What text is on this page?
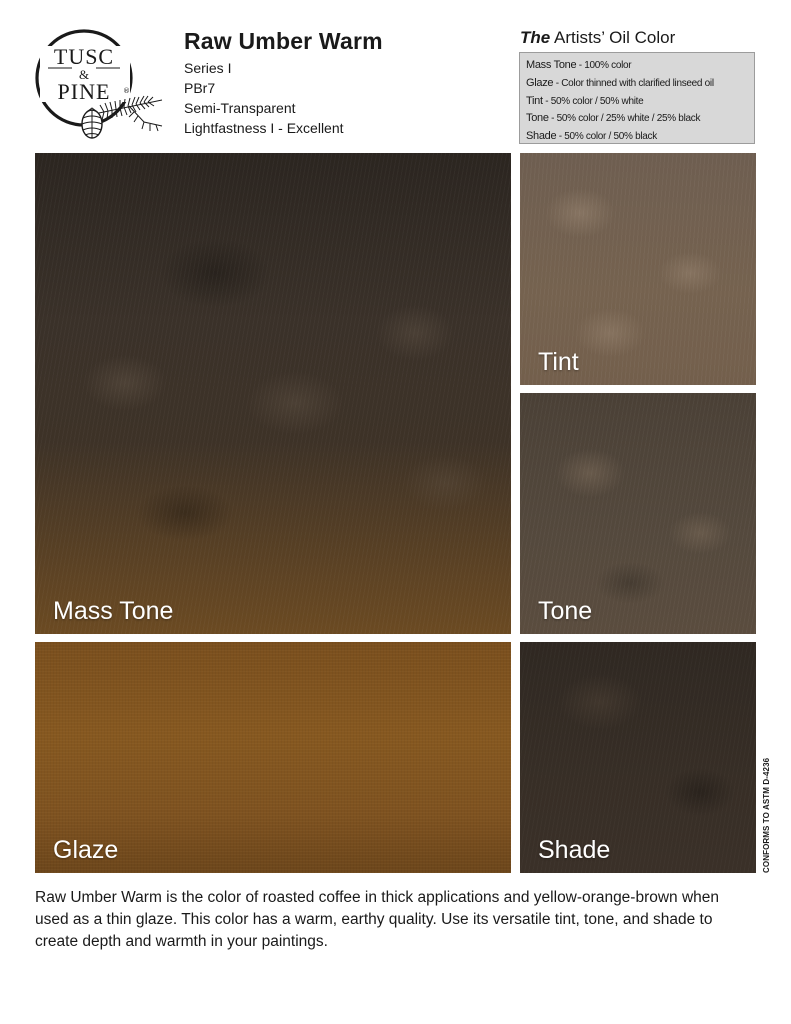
TUSC
&
PINE ®
Raw Umber Warm
Series I
PBr7
Semi-Transparent
Lightfastness I - Excellent
The Artists’ Oil Color
Mass Tone - 100% color
Glaze - Color thinned with clarified linseed oil
Tint - 50% color / 50% white
Tone - 50% color / 25% white / 25% black
Shade - 50% color / 50% black
Mass Tone
Tint
Tone
Glaze	Shade	CONFORMS TO ASTM D-4236
Raw Umber Warm is the color of roasted coffee in thick applications and yellow-orange-brown when used as a thin glaze. This color has a warm, earthy quality. Use its versatile tint, tone, and shade to create depth and warmth in your paintings.
